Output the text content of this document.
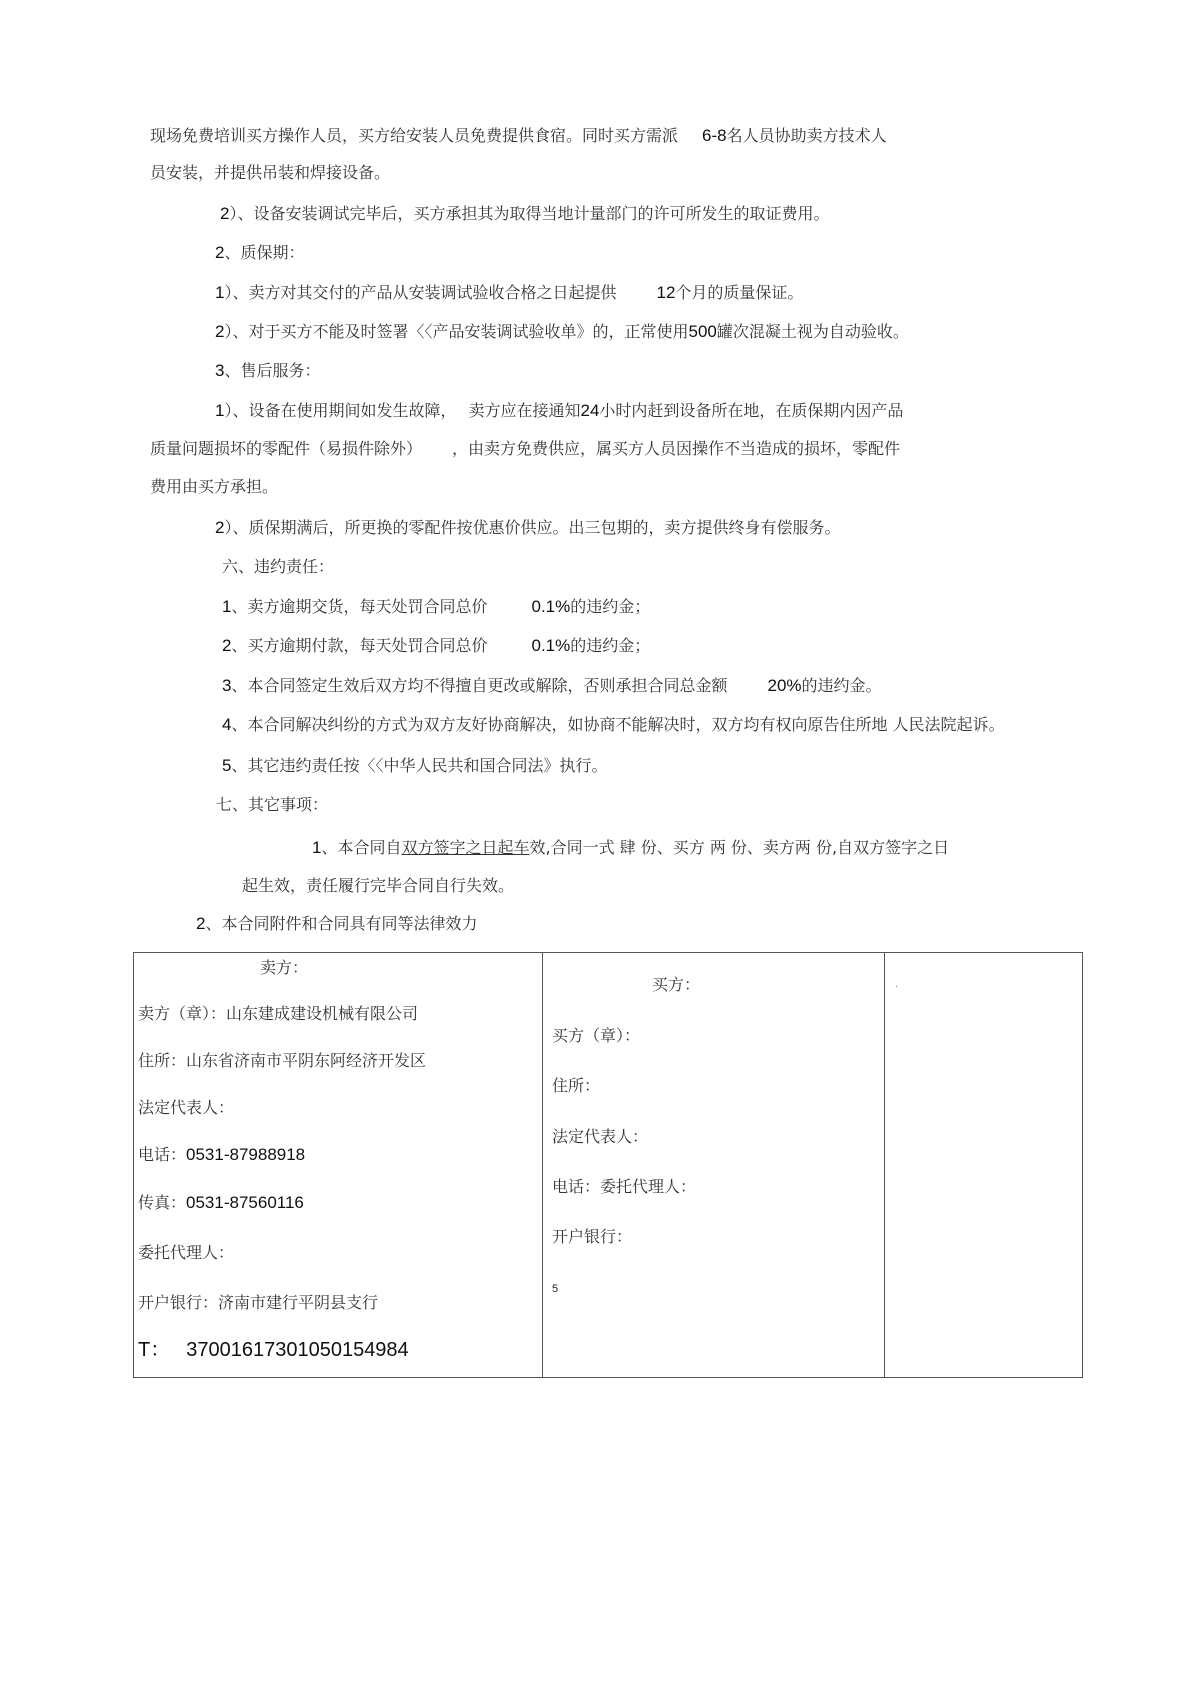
现场免费培训买方操作人员，买方给安装人员免费提供食宿。同时买方需派 6-8名人员协助卖方技术人
员安装，并提供吊装和焊接设备。
2）、设备安装调试完毕后，买方承担其为取得当地计量部门的许可所发生的取证费用。
2、质保期：
1）、卖方对其交付的产品从安装调试验收合格之日起提供 12个月的质量保证。
2）、对于买方不能及时签署〈〈产品安装调试验收单》的，正常使用500罐次混凝土视为自动验收。
3、售后服务：
1）、设备在使用期间如发生故障， 卖方应在接通知24小时内赶到设备所在地，在质保期内因产品
质量问题损坏的零配件（易损件除外） ，由卖方免费供应，属买方人员因操作不当造成的损坏，零配件
费用由买方承担。
2）、质保期满后，所更换的零配件按优惠价供应。出三包期的，卖方提供终身有偿服务。
六、违约责任：
1、卖方逾期交货，每天处罚合同总价	0.1%的违约金；
2、买方逾期付款，每天处罚合同总价	0.1%的违约金；
3、本合同签定生效后双方均不得擅自更改或解除，否则承担合同总金额 20%的违约金。
4、本合同解决纠纷的方式为双方友好协商解决，如协商不能解决时，双方均有权向原告住所地 人民法院起诉。
5、其它违约责任按〈〈中华人民共和国合同法》执行。
七、其它事项：
1、本合同自双方签字之日起车效,合同一式 肆 份、买方 两 份、卖方两 份,自双方签字之日
起生效，责任履行完毕合同自行失效。
2、本合同附件和合同具有同等法律效力
卖方：
卖方（章）：山东建成建设机械有限公司
住所：山东省济南市平阴东阿经济开发区
法定代表人：
电话：0531-87988918
传真：0531-87560116
委托代理人：
开户银行：济南市建行平阴县支行
T： 37001617301050154984
买方：
买方（章）：
住所：
法定代表人：
电话：委托代理人：
开户银行：
5
.
